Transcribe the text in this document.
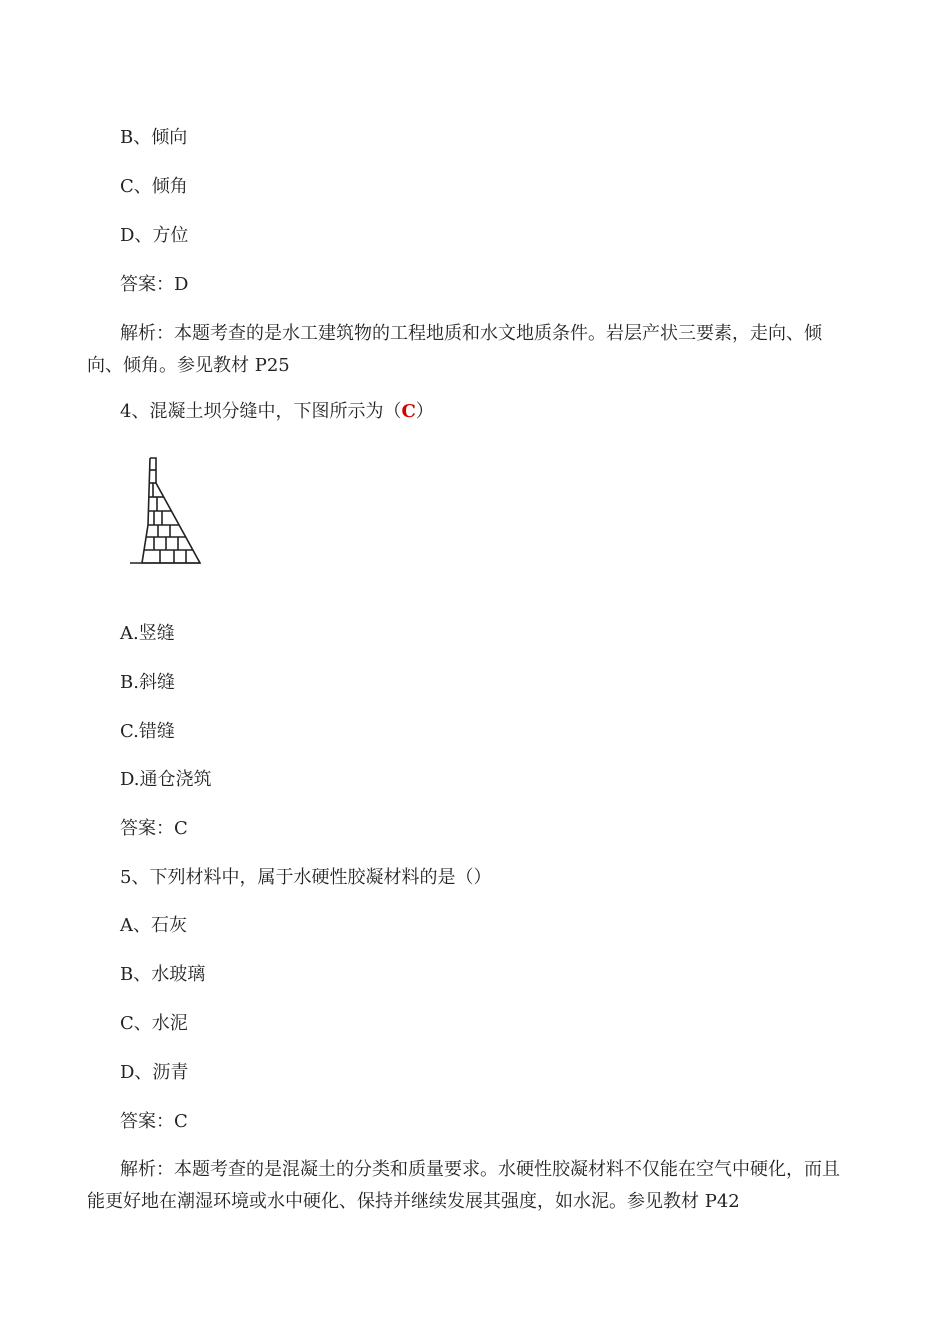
B、倾向
C、倾角
D、方位
答案：D
解析：本题考查的是水工建筑物的工程地质和水文地质条件。岩层产状三要素，走向、倾向、倾角。参见教材 P25
4、混凝土坝分缝中，下图所示为（C）
A.竖缝
B.斜缝
C.错缝
D.通仓浇筑
答案：C
5、下列材料中，属于水硬性胶凝材料的是（）
A、石灰
B、水玻璃
C、水泥
D、沥青
答案：C
解析：本题考查的是混凝土的分类和质量要求。水硬性胶凝材料不仅能在空气中硬化，而且能更好地在潮湿环境或水中硬化、保持并继续发展其强度，如水泥。参见教材 P42
